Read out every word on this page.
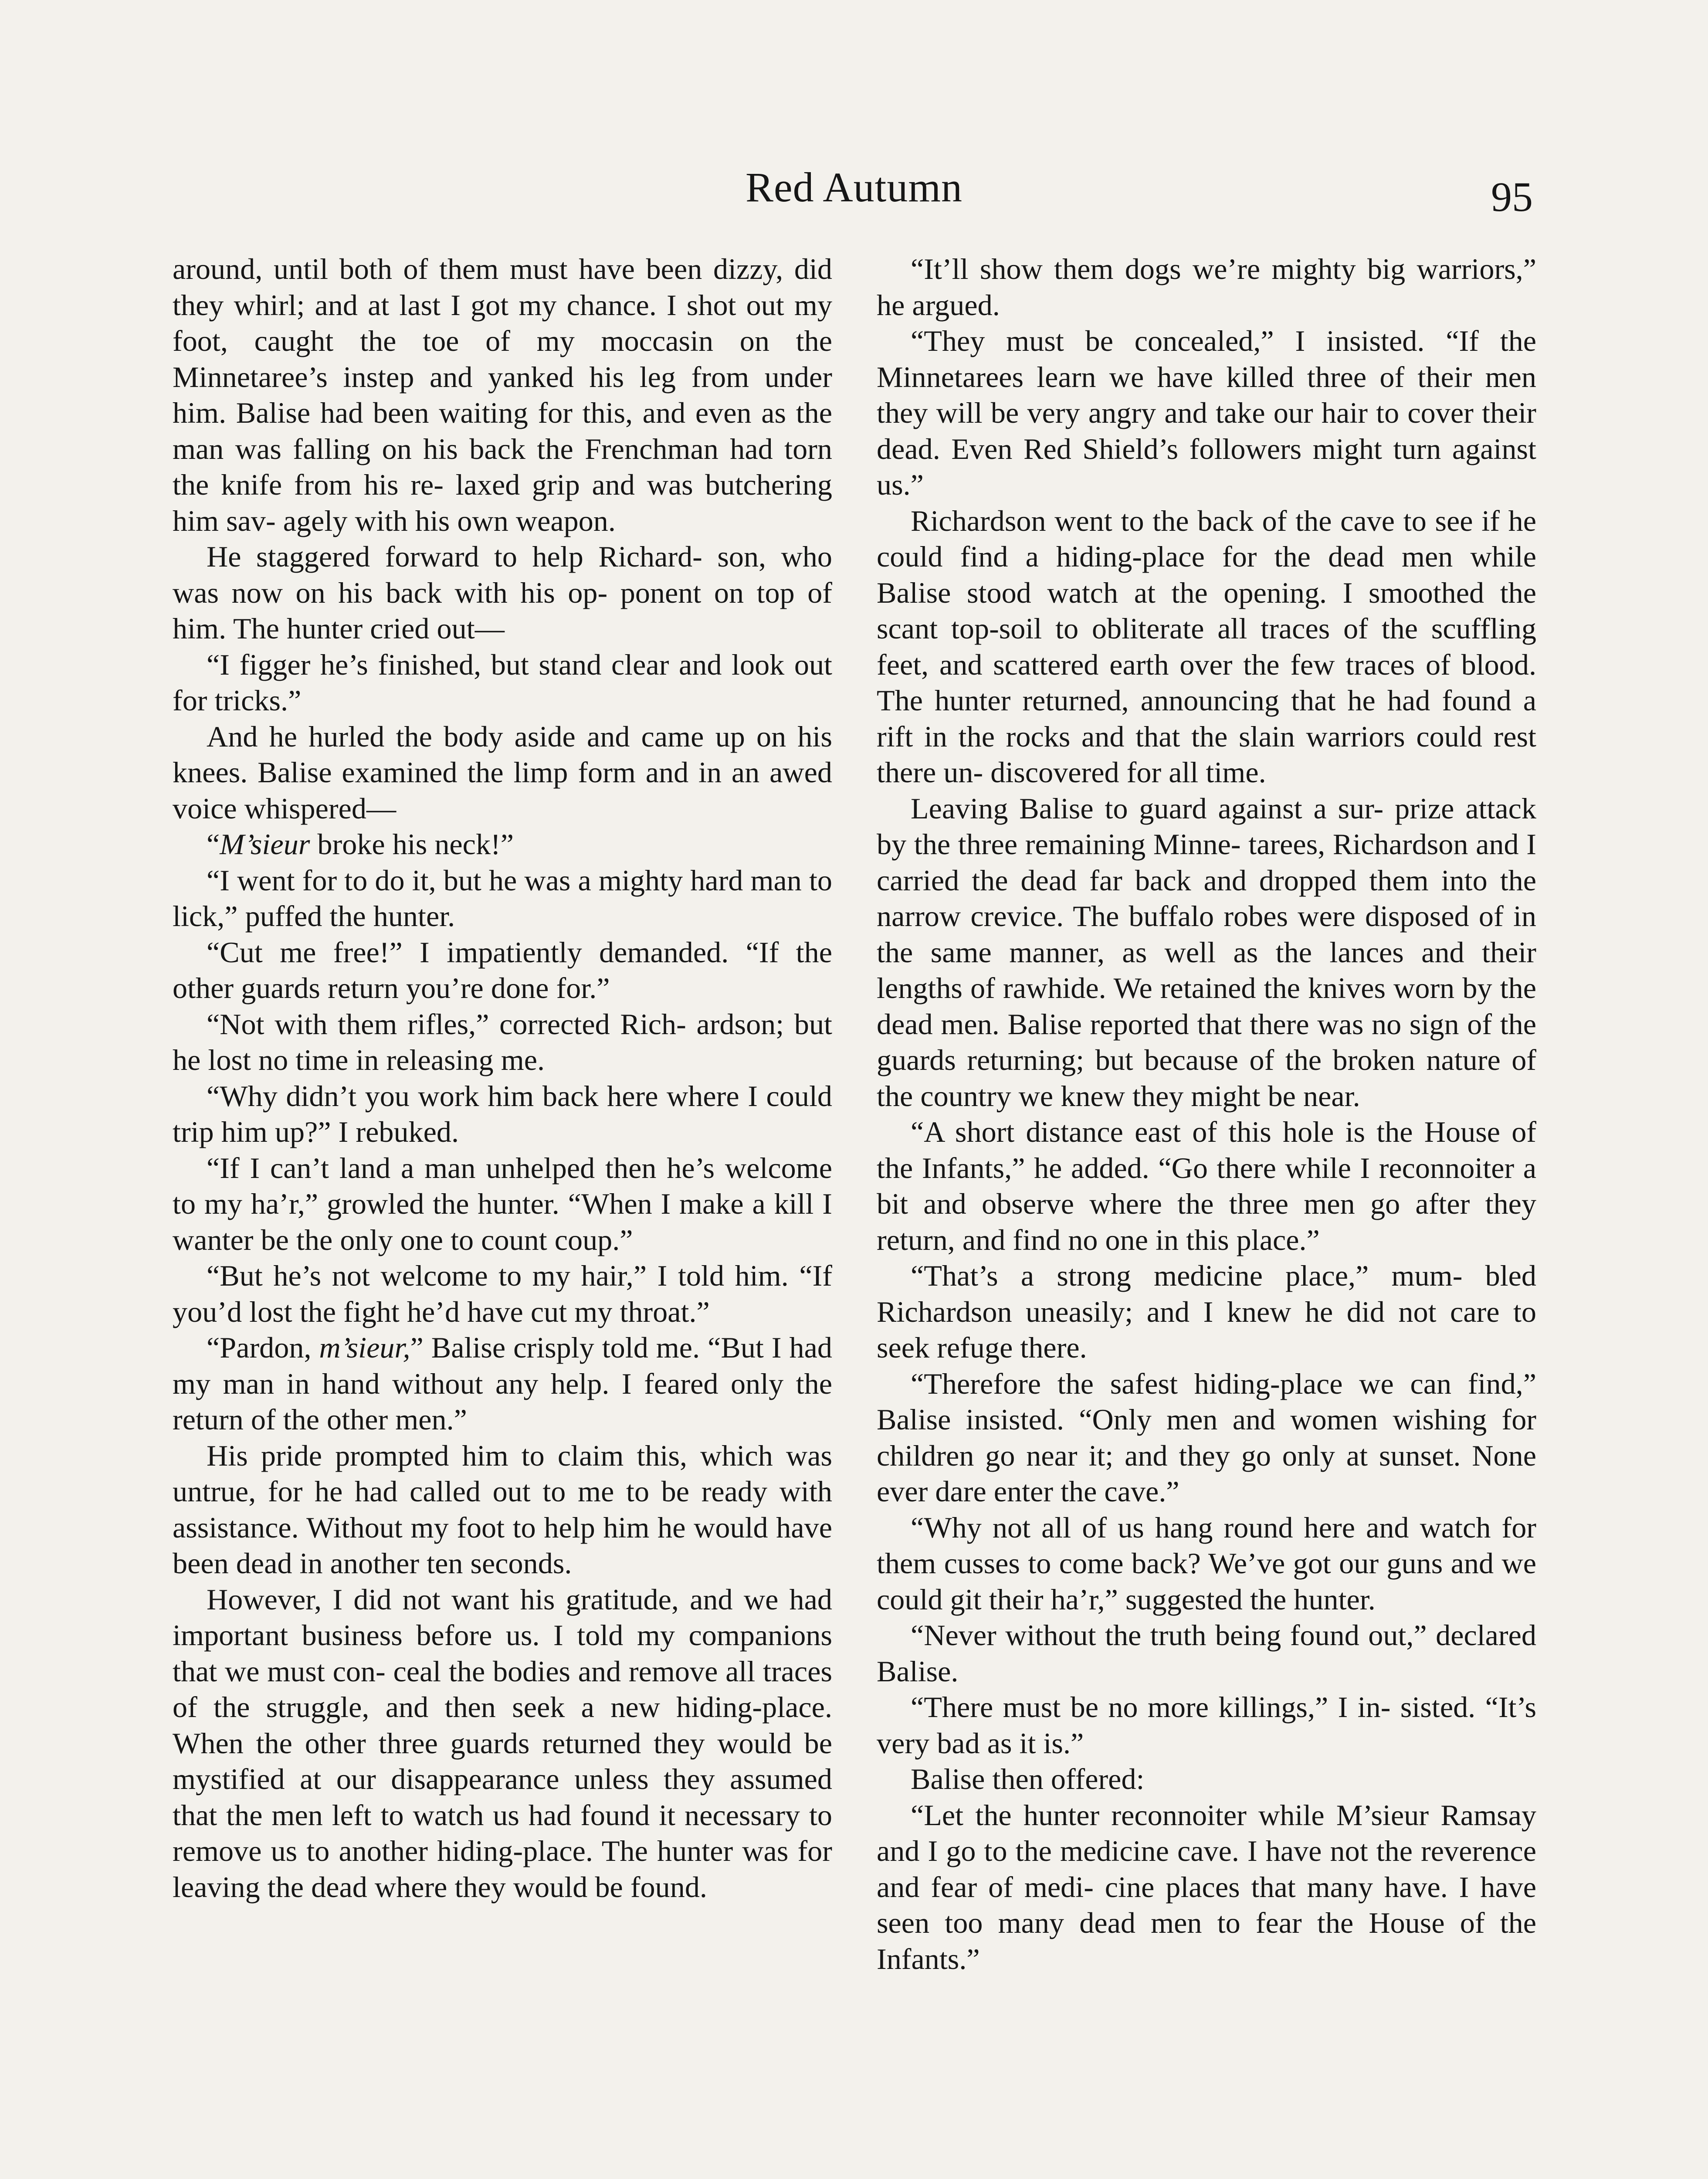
Red Autumn	95

around, until both of them must have been dizzy, did they whirl; and at last I got my chance. I shot out my foot, caught the toe of my moccasin on the Minnetaree’s instep and yanked his leg from under him. Balise had been waiting for this, and even as the man was falling on his back the Frenchman had torn the knife from his re- laxed grip and was butchering him sav- agely with his own weapon.

He staggered forward to help Richard- son, who was now on his back with his op- ponent on top of him. The hunter cried out—

“I figger he’s finished, but stand clear and look out for tricks.”

And he hurled the body aside and came up on his knees. Balise examined the limp form and in an awed voice whispered—

“M’sieur broke his neck!”

“I went for to do it, but he was a mighty hard man to lick,” puffed the hunter.

“Cut me free!” I impatiently demanded. “If the other guards return you’re done for.”

“Not with them rifles,” corrected Rich- ardson; but he lost no time in releasing me.

“Why didn’t you work him back here where I could trip him up?” I rebuked.

“If I can’t land a man unhelped then he’s welcome to my ha’r,” growled the hunter. “When I make a kill I wanter be the only one to count coup.”

“But he’s not welcome to my hair,” I told him. “If you’d lost the fight he’d have cut my throat.”

“Pardon, m’sieur,” Balise crisply told me. “But I had my man in hand without any help. I feared only the return of the other men.”

His pride prompted him to claim this, which was untrue, for he had called out to me to be ready with assistance. Without my foot to help him he would have been dead in another ten seconds.

However, I did not want his gratitude, and we had important business before us. I told my companions that we must con- ceal the bodies and remove all traces of the struggle, and then seek a new hiding-place. When the other three guards returned they would be mystified at our disappearance unless they assumed that the men left to watch us had found it necessary to remove us to another hiding-place. The hunter was for leaving the dead where they would be found.

“It’ll show them dogs we’re mighty big warriors,” he argued.

“They must be concealed,” I insisted. “If the Minnetarees learn we have killed three of their men they will be very angry and take our hair to cover their dead. Even Red Shield’s followers might turn against us.”

Richardson went to the back of the cave to see if he could find a hiding-place for the dead men while Balise stood watch at the opening. I smoothed the scant top-soil to obliterate all traces of the scuffling feet, and scattered earth over the few traces of blood. The hunter returned, announcing that he had found a rift in the rocks and that the slain warriors could rest there un- discovered for all time.

Leaving Balise to guard against a sur- prize attack by the three remaining Minne- tarees, Richardson and I carried the dead far back and dropped them into the narrow crevice. The buffalo robes were disposed of in the same manner, as well as the lances and their lengths of rawhide. We retained the knives worn by the dead men. Balise reported that there was no sign of the guards returning; but because of the broken nature of the country we knew they might be near.

“A short distance east of this hole is the House of the Infants,” he added. “Go there while I reconnoiter a bit and observe where the three men go after they return, and find no one in this place.”

“That’s a strong medicine place,” mum- bled Richardson uneasily; and I knew he did not care to seek refuge there.

“Therefore the safest hiding-place we can find,” Balise insisted. “Only men and women wishing for children go near it; and they go only at sunset. None ever dare enter the cave.”

“Why not all of us hang round here and watch for them cusses to come back? We’ve got our guns and we could git their ha’r,” suggested the hunter.

“Never without the truth being found out,” declared Balise.

“There must be no more killings,” I in- sisted. “It’s very bad as it is.”

Balise then offered:

“Let the hunter reconnoiter while M’sieur Ramsay and I go to the medicine cave. I have not the reverence and fear of medi- cine places that many have. I have seen too many dead men to fear the House of the Infants.”
